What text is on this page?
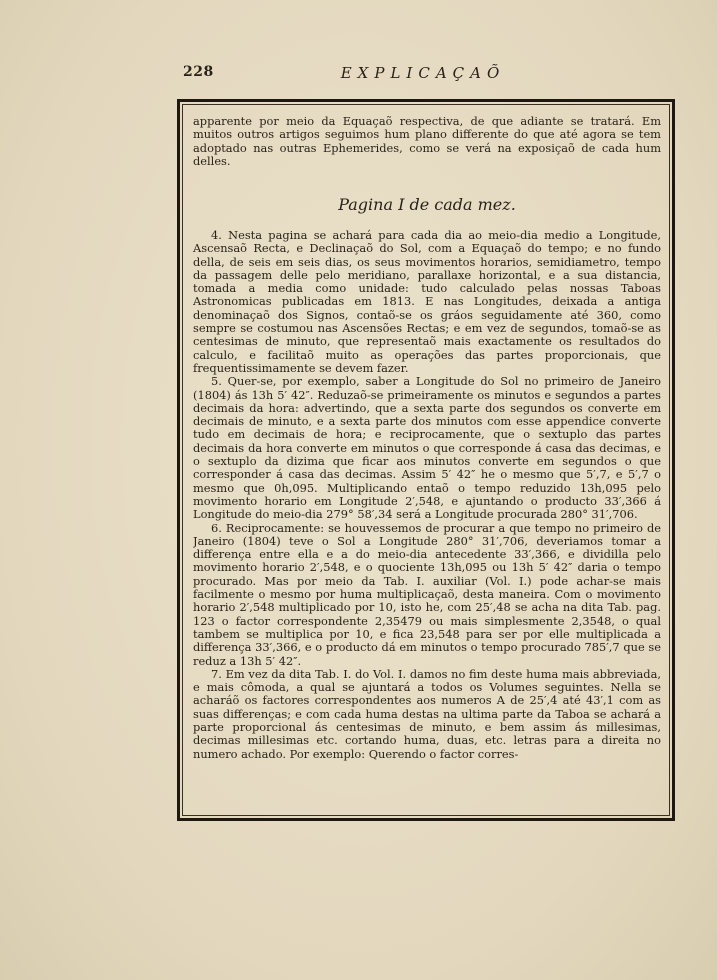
228	EXPLICAÇAÕ
apparente por meio da Equaçaõ respectiva, de que adiante se tratará. Em muitos outros artigos seguimos hum plano differente do que até agora se tem adoptado nas outras Ephemerides, como se verá na exposiçaõ de cada hum delles.
Pagina I de cada mez.

4. Nesta pagina se achará para cada dia ao meio-dia medio a Longitude, Ascensaõ Recta, e Declinaçaõ do Sol, com a Equaçaõ do tempo; e no fundo della, de seis em seis dias, os seus movimentos horarios, semidiametro, tempo da passagem delle pelo meridiano, parallaxe horizontal, e a sua distancia, tomada a media como unidade: tudo calculado pelas nossas Taboas Astronomicas publicadas em 1813. E nas Longitudes, deixada a antiga denominaçaõ dos Signos, contaõ-se os gráos seguidamente até 360, como sempre se costumou nas Ascensões Rectas; e em vez de segundos, tomaõ-se as centesimas de minuto, que representaõ mais exactamente os resultados do calculo, e facilitaõ muito as operações das partes proporcionais, que frequentissimamente se devem fazer.

5. Quer-se, por exemplo, saber a Longitude do Sol no primeiro de Janeiro (1804) ás 13h 5′ 42″. Reduzaõ-se primeiramente os minutos e segundos a partes decimais da hora: advertindo, que a sexta parte dos segundos os converte em decimais de minuto, e a sexta parte dos minutos com esse appendice converte tudo em decimais de hora; e reciprocamente, que o sextuplo das partes decimais da hora converte em minutos o que corresponde á casa das decimas, e o sextuplo da dizima que ficar aos minutos converte em segundos o que corresponder á casa das decimas. Assim 5′ 42″ he o mesmo que 5′,7, e 5′,7 o mesmo que 0h,095. Multiplicando entaõ o tempo reduzido 13h,095 pelo movimento horario em Longitude 2′,548, e ajuntando o producto 33′,366 á Longitude do meio-dia 279° 58′,34 será a Longitude procurada 280° 31′,706.

6. Reciprocamente: se houvessemos de procurar a que tempo no primeiro de Janeiro (1804) teve o Sol a Longitude 280° 31′,706, deveriamos tomar a differença entre ella e a do meio-dia antecedente 33′,366, e dividilla pelo movimento horario 2′,548, e o quociente 13h,095 ou 13h 5′ 42″ daria o tempo procurado. Mas por meio da Tab. I. auxiliar (Vol. I.) pode achar-se mais facilmente o mesmo por huma multiplicaçaõ, desta maneira. Com o movimento horario 2′,548 multiplicado por 10, isto he, com 25′,48 se acha na dita Tab. pag. 123 o factor correspondente 2,35479 ou mais simplesmente 2,3548, o qual tambem se multiplica por 10, e fica 23,548 para ser por elle multiplicada a differença 33′,366, e o producto dá em minutos o tempo procurado 785′,7 que se reduz a 13h 5′ 42″.

7. Em vez da dita Tab. I. do Vol. I. damos no fim deste huma mais abbreviada, e mais cômoda, a qual se ajuntará a todos os Volumes seguintes. Nella se acharáõ os factores correspondentes aos numeros A de 25′,4 até 43′,1 com as suas differenças; e com cada huma destas na ultima parte da Taboa se achará a parte proporcional ás centesimas de minuto, e bem assim ás millesimas, decimas millesimas etc. cortando huma, duas, etc. letras para a direita no numero achado. Por exemplo: Querendo o factor corres-
